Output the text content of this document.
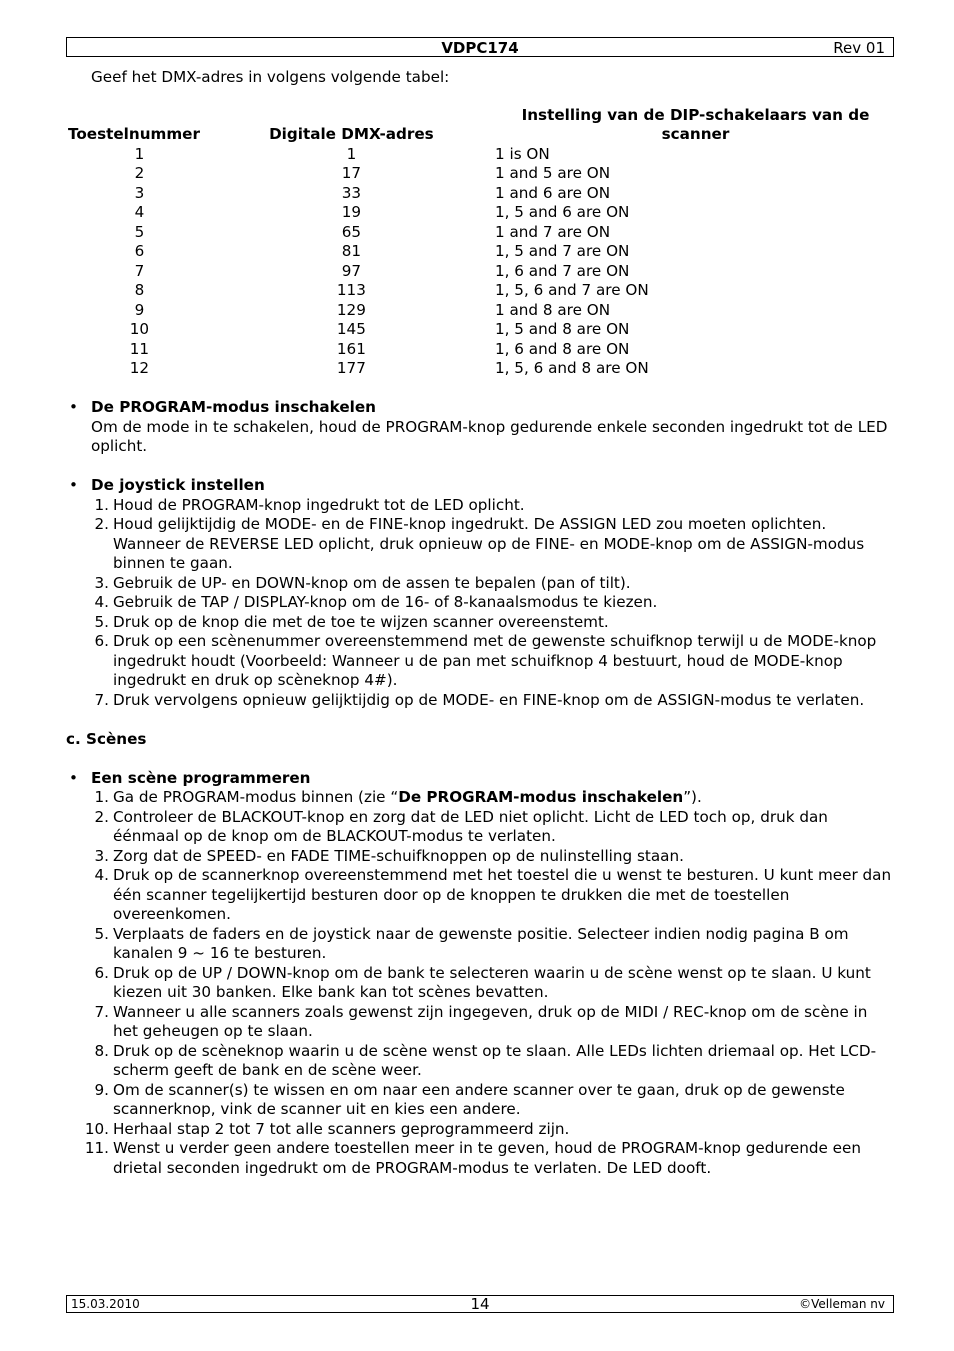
VDPC174	Rev 01

Geef het DMX-adres in volgens volgende tabel:

Toestelnummer	Digitale DMX-adres	Instelling van de DIP-schakelaars van de scanner
1	1	1 is ON
2	17	1 and 5 are ON
3	33	1 and 6 are ON
4	19	1, 5 and 6 are ON
5	65	1 and 7 are ON
6	81	1, 5 and 7 are ON
7	97	1, 6 and 7 are ON
8	113	1, 5, 6 and 7 are ON
9	129	1 and 8 are ON
10	145	1, 5 and 8 are ON
11	161	1, 6 and 8 are ON
12	177	1, 5, 6 and 8 are ON
• De PROGRAM-modus inschakelen
Om de mode in te schakelen, houd de PROGRAM-knop gedurende enkele seconden ingedrukt tot de LED oplicht.
• De joystick instellen
1. Houd de PROGRAM-knop ingedrukt tot de LED oplicht.
2. Houd gelijktijdig de MODE- en de FINE-knop ingedrukt. De ASSIGN LED zou moeten oplichten. Wanneer de REVERSE LED oplicht, druk opnieuw op de FINE- en MODE-knop om de ASSIGN-modus binnen te gaan.
3. Gebruik de UP- en DOWN-knop om de assen te bepalen (pan of tilt).
4. Gebruik de TAP / DISPLAY-knop om de 16- of 8-kanaalsmodus te kiezen.
5. Druk op de knop die met de toe te wijzen scanner overeenstemt.
6. Druk op een scènenummer overeenstemmend met de gewenste schuifknop terwijl u de MODE-knop ingedrukt houdt (Voorbeeld: Wanneer u de pan met schuifknop 4 bestuurt, houd de MODE-knop ingedrukt en druk op scèneknop 4#).
7. Druk vervolgens opnieuw gelijktijdig op de MODE- en FINE-knop om de ASSIGN-modus te verlaten.
c. Scènes
• Een scène programmeren
1. Ga de PROGRAM-modus binnen (zie “De PROGRAM-modus inschakelen”).
2. Controleer de BLACKOUT-knop en zorg dat de LED niet oplicht. Licht de LED toch op, druk dan éénmaal op de knop om de BLACKOUT-modus te verlaten.
3. Zorg dat de SPEED- en FADE TIME-schuifknoppen op de nulinstelling staan.
4. Druk op de scannerknop overeenstemmend met het toestel die u wenst te besturen. U kunt meer dan één scanner tegelijkertijd besturen door op de knoppen te drukken die met de toestellen overeenkomen.
5. Verplaats de faders en de joystick naar de gewenste positie. Selecteer indien nodig pagina B om kanalen 9 ~ 16 te besturen.
6. Druk op de UP / DOWN-knop om de bank te selecteren waarin u de scène wenst op te slaan. U kunt kiezen uit 30 banken. Elke bank kan tot scènes bevatten.
7. Wanneer u alle scanners zoals gewenst zijn ingegeven, druk op de MIDI / REC-knop om de scène in het geheugen op te slaan.
8. Druk op de scèneknop waarin u de scène wenst op te slaan. Alle LEDs lichten driemaal op. Het LCD-scherm geeft de bank en de scène weer.
9. Om de scanner(s) te wissen en om naar een andere scanner over te gaan, druk op de gewenste scannerknop, vink de scanner uit en kies een andere.
10. Herhaal stap 2 tot 7 tot alle scanners geprogrammeerd zijn.
11. Wenst u verder geen andere toestellen meer in te geven, houd de PROGRAM-knop gedurende een drietal seconden ingedrukt om de PROGRAM-modus te verlaten. De LED dooft.
15.03.2010	14	©Velleman nv
